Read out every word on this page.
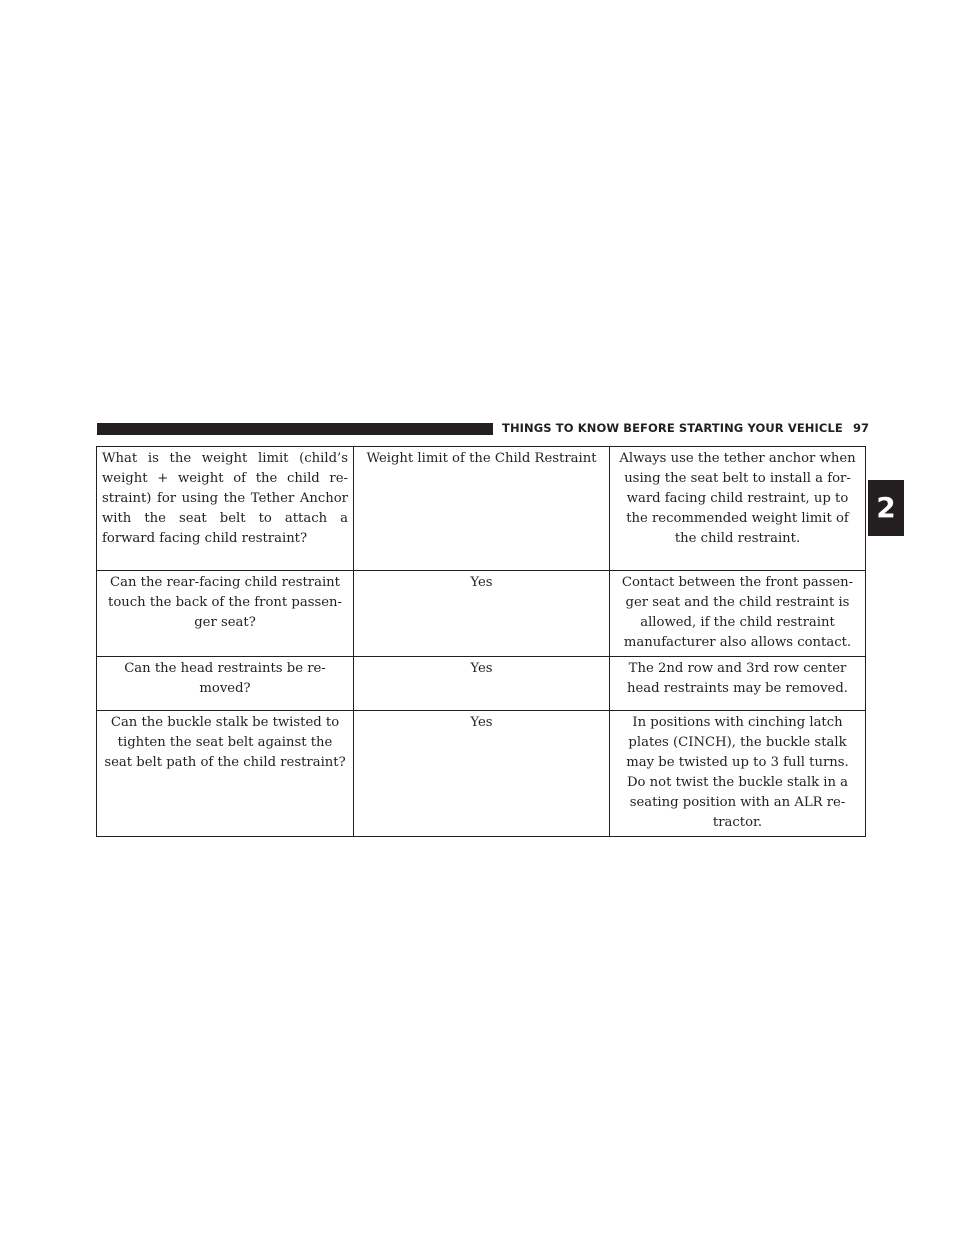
THINGS TO KNOW BEFORE STARTING YOUR VEHICLE 97
2
What is the weight limit (child’s weight + weight of the child re-straint) for using the Tether Anchor with the seat belt to attach a forward facing child restraint?	Weight limit of the Child Restraint	Always use the tether anchor when using the seat belt to install a for-ward facing child restraint, up to the recommended weight limit of the child restraint.
Can the rear-facing child restraint touch the back of the front passen-ger seat?	Yes	Contact between the front passen-ger seat and the child restraint is allowed, if the child restraint manufacturer also allows contact.
Can the head restraints be re-moved?	Yes	The 2nd row and 3rd row center head restraints may be removed.
Can the buckle stalk be twisted to tighten the seat belt against the seat belt path of the child restraint?	Yes	In positions with cinching latch plates (CINCH), the buckle stalk may be twisted up to 3 full turns. Do not twist the buckle stalk in a seating position with an ALR re-tractor.
